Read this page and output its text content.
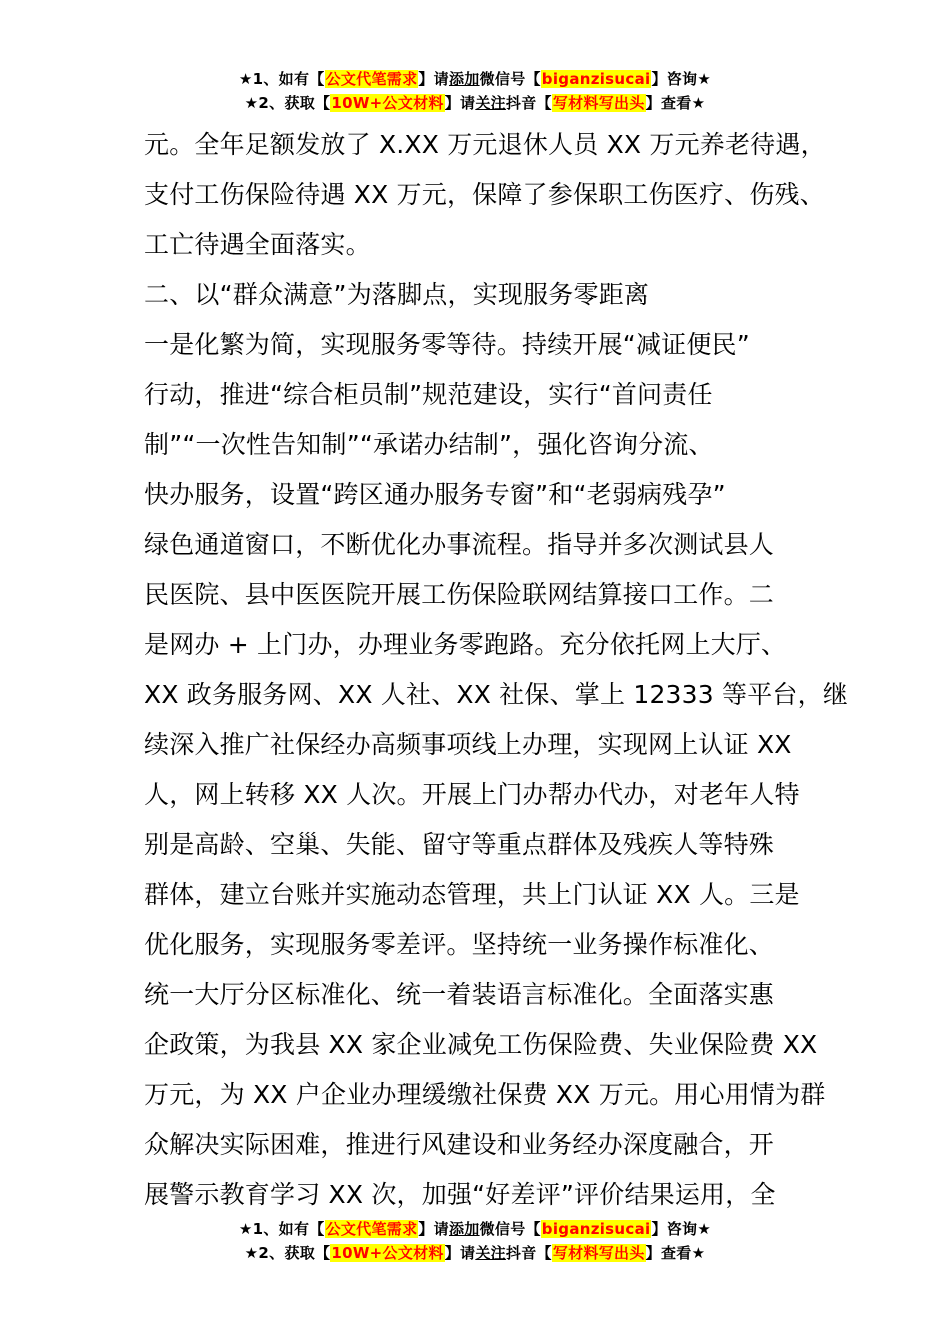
★1、如有【公文代笔需求】请添加微信号【biganzisucai】咨询★
★2、获取【10W+公文材料】请关注抖音【写材料写出头】查看★
元。全年足额发放了 X.XX 万元退休人员 XX 万元养老待遇，
支付工伤保险待遇 XX 万元，保障了参保职工伤医疗、伤残、
工亡待遇全面落实。
二、以“群众满意”为落脚点，实现服务零距离
一是化繁为简，实现服务零等待。持续开展“减证便民”
行动，推进“综合柜员制”规范建设，实行“首问责任
制”“一次性告知制”“承诺办结制”，强化咨询分流、
快办服务，设置“跨区通办服务专窗”和“老弱病残孕”
绿色通道窗口，不断优化办事流程。指导并多次测试县人
民医院、县中医医院开展工伤保险联网结算接口工作。二
是网办 + 上门办，办理业务零跑路。充分依托网上大厅、
XX 政务服务网、XX 人社、XX 社保、掌上 12333 等平台，继
续深入推广社保经办高频事项线上办理，实现网上认证 XX
人，网上转移 XX 人次。开展上门办帮办代办，对老年人特
别是高龄、空巢、失能、留守等重点群体及残疾人等特殊
群体，建立台账并实施动态管理，共上门认证 XX 人。三是
优化服务，实现服务零差评。坚持统一业务操作标准化、
统一大厅分区标准化、统一着装语言标准化。全面落实惠
企政策，为我县 XX 家企业减免工伤保险费、失业保险费 XX
万元，为 XX 户企业办理缓缴社保费 XX 万元。用心用情为群
众解决实际困难，推进行风建设和业务经办深度融合，开
展警示教育学习 XX 次，加强“好差评”评价结果运用，全
★1、如有【公文代笔需求】请添加微信号【biganzisucai】咨询★
★2、获取【10W+公文材料】请关注抖音【写材料写出头】查看★
